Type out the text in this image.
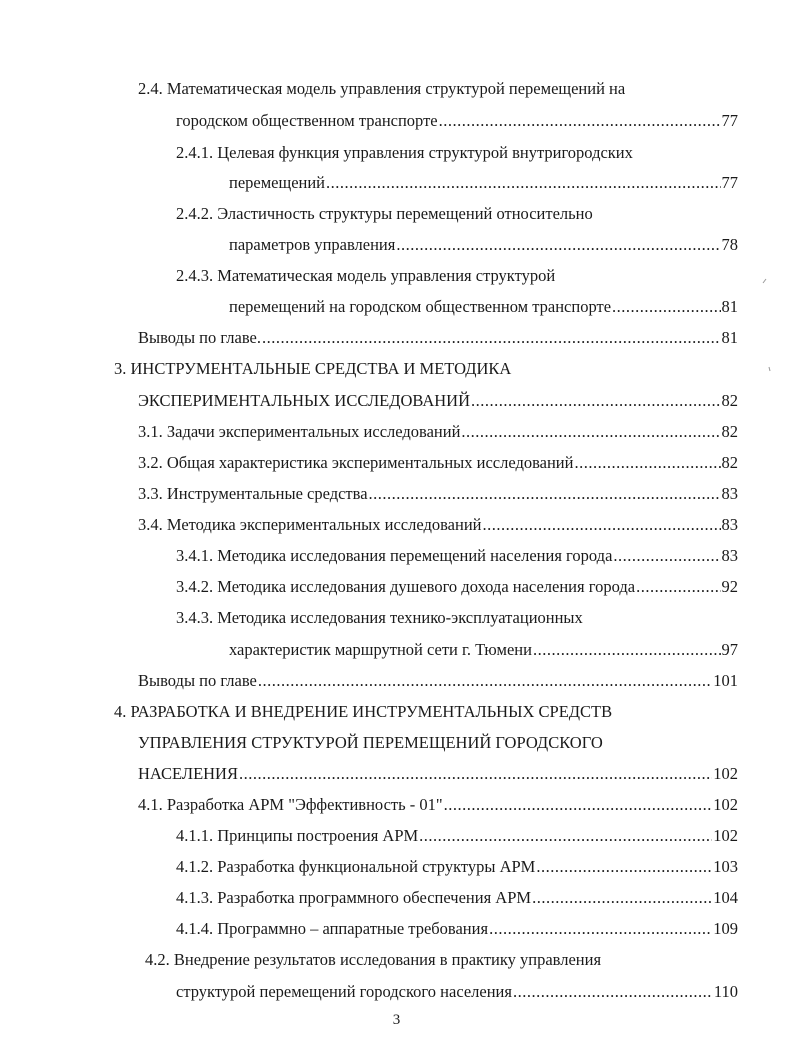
2.4. Математическая модель управления структурой перемещений на
городском общественном транспорте .....	77
2.4.1. Целевая функция управления структурой внутригородских
перемещений .....	77
2.4.2. Эластичность структуры перемещений относительно
параметров управления .....	78
2.4.3. Математическая модель управления структурой
перемещений на городском общественном транспорте .....	81
Выводы по главе. .....	81
3. ИНСТРУМЕНТАЛЬНЫЕ СРЕДСТВА И МЕТОДИКА
ЭКСПЕРИМЕНТАЛЬНЫХ ИССЛЕДОВАНИЙ .....	82
3.1. Задачи экспериментальных исследований .....	82
3.2. Общая характеристика экспериментальных исследований .....	82
3.3. Инструментальные средства .....	83
3.4. Методика экспериментальных исследований .....	83
3.4.1. Методика исследования перемещений населения города .....	83
3.4.2. Методика исследования душевого дохода населения города .....	92
3.4.3. Методика исследования технико-эксплуатационных
характеристик маршрутной сети г. Тюмени .....	97
Выводы по главе .....	101
4. РАЗРАБОТКА И ВНЕДРЕНИЕ ИНСТРУМЕНТАЛЬНЫХ СРЕДСТВ
УПРАВЛЕНИЯ СТРУКТУРОЙ ПЕРЕМЕЩЕНИЙ ГОРОДСКОГО
НАСЕЛЕНИЯ .....	102
4.1. Разработка АРМ "Эффективность - 01" .....	102
4.1.1. Принципы построения АРМ .....	102
4.1.2. Разработка функциональной структуры АРМ .....	103
4.1.3. Разработка программного обеспечения АРМ .....	104
4.1.4. Программно – аппаратные требования .....	109
4.2. Внедрение результатов исследования в практику управления
структурой перемещений городского населения .....	110
3
